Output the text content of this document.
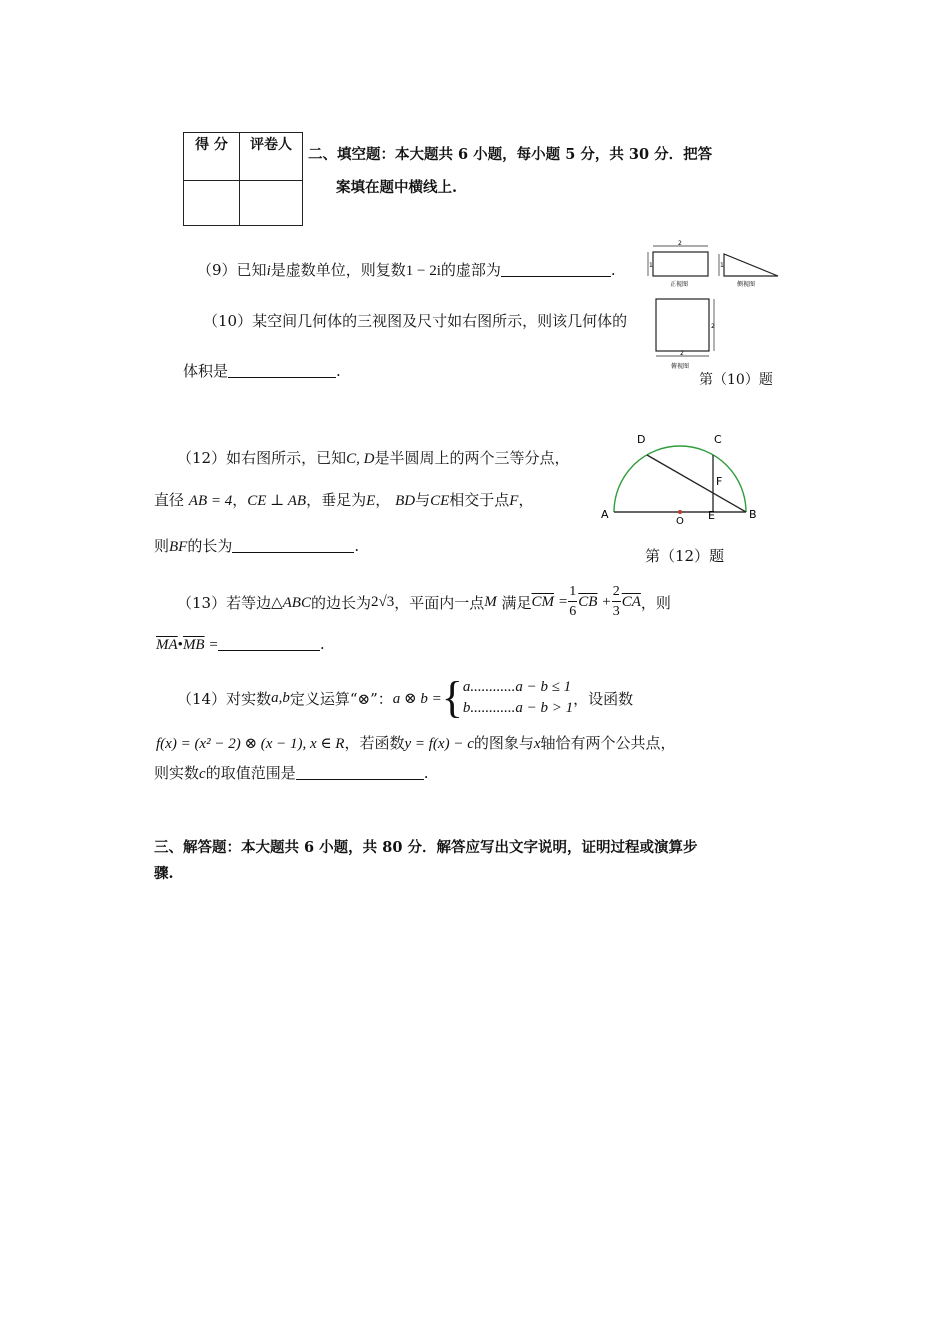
得 分	评卷人

二、填空题：本大题共 6 小题，每小题 5 分，共 30 分．把答
案填在题中横线上.
（9）已知i是虚数单位，则复数1 − 2i的虚部为	.
（10）某空间几何体的三视图及尺寸如右图所示，则该几何体的
体积是	.
2
1
正视图
1
侧视图
2
2
俯视图
第（10）题
（12）如右图所示，已知C, D是半圆周上的两个三等分点，
直径 AB = 4，CE ⊥ AB，垂足为E， BD与CE相交于点F，
则BF的长为	.
A	B
C
D
E
F
O
第（12）题
（13）若等边 △ABC 的边长为 2√3 ，平面内一点 M
满足 $\overline{CM}$
= $\frac{1}{6} \overline{CB}$
+ $\frac{2}{3} \overline{CA}$ ，则
$\overline{MA}•\overline{MB}$ =	.
（14）对实数 a,b 定义运算“⊗”： a ⊗ b = { a............a − b ≤ 1
b............a − b > 1
，设函数
f(x) = (x² − 2) ⊗ (x − 1), x ∈ R，若函数y = f(x) − c的图象与x轴恰有两个公共点，
则实数c的取值范围是	.
三、解答题：本大题共 6 小题，共 80 分．解答应写出文字说明，证明过程或演算步
骤.
